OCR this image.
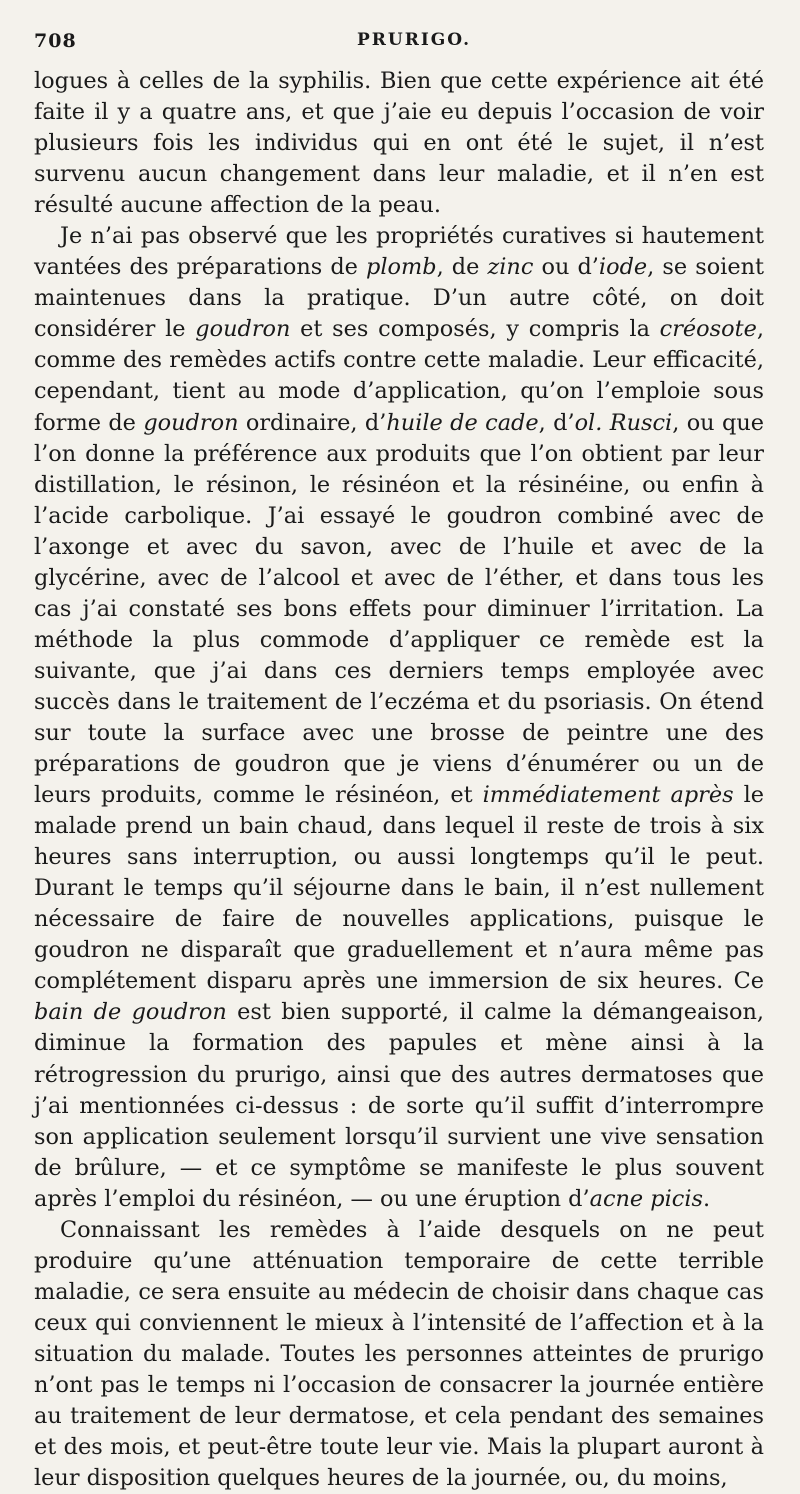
708	PRURIGO.

logues à celles de la syphilis. Bien que cette expérience ait été faite il y a quatre ans, et que j’aie eu depuis l’occasion de voir plusieurs fois les individus qui en ont été le sujet, il n’est survenu aucun changement dans leur maladie, et il n’en est résulté aucune affection de la peau.

Je n’ai pas observé que les propriétés curatives si hautement vantées des préparations de plomb, de zinc ou d’iode, se soient maintenues dans la pratique. D’un autre côté, on doit considérer le goudron et ses composés, y compris la créosote, comme des remèdes actifs contre cette maladie. Leur efficacité, cependant, tient au mode d’application, qu’on l’emploie sous forme de goudron ordinaire, d’huile de cade, d’ol. Rusci, ou que l’on donne la préférence aux produits que l’on obtient par leur distillation, le résinon, le résinéon et la résinéine, ou enfin à l’acide carbolique. J’ai essayé le goudron combiné avec de l’axonge et avec du savon, avec de l’huile et avec de la glycérine, avec de l’alcool et avec de l’éther, et dans tous les cas j’ai constaté ses bons effets pour diminuer l’irritation. La méthode la plus commode d’appliquer ce remède est la suivante, que j’ai dans ces derniers temps employée avec succès dans le traitement de l’eczéma et du psoriasis. On étend sur toute la surface avec une brosse de peintre une des préparations de goudron que je viens d’énumérer ou un de leurs produits, comme le résinéon, et immédiatement après le malade prend un bain chaud, dans lequel il reste de trois à six heures sans interruption, ou aussi longtemps qu’il le peut. Durant le temps qu’il séjourne dans le bain, il n’est nullement nécessaire de faire de nouvelles applications, puisque le goudron ne disparaît que graduellement et n’aura même pas complétement disparu après une immersion de six heures. Ce bain de goudron est bien supporté, il calme la démangeaison, diminue la formation des papules et mène ainsi à la rétrogression du prurigo, ainsi que des autres dermatoses que j’ai mentionnées ci-dessus : de sorte qu’il suffit d’interrompre son application seulement lorsqu’il survient une vive sensation de brûlure, — et ce symptôme se manifeste le plus souvent après l’emploi du résinéon, — ou une éruption d’acne picis.

Connaissant les remèdes à l’aide desquels on ne peut produire qu’une atténuation temporaire de cette terrible maladie, ce sera ensuite au médecin de choisir dans chaque cas ceux qui conviennent le mieux à l’intensité de l’affection et à la situation du malade. Toutes les personnes atteintes de prurigo n’ont pas le temps ni l’occasion de consacrer la journée entière au traitement de leur dermatose, et cela pendant des semaines et des mois, et peut-être toute leur vie. Mais la plupart auront à leur disposition quelques heures de la journée, ou, du moins,
